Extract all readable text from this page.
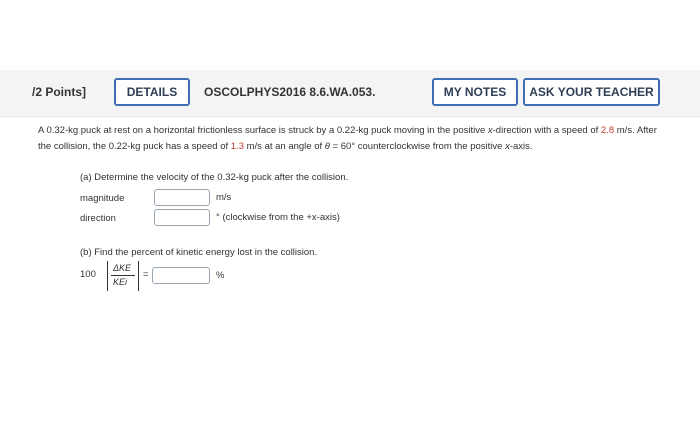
/2 Points]	DETAILS	OSCOLPHYS2016 8.6.WA.053.	MY NOTES	ASK YOUR TEACHER
A 0.32-kg puck at rest on a horizontal frictionless surface is struck by a 0.22-kg puck moving in the positive x-direction with a speed of 2.8 m/s. After the collision, the 0.22-kg puck has a speed of 1.3 m/s at an angle of θ = 60° counterclockwise from the positive x-axis.
(a) Determine the velocity of the 0.32-kg puck after the collision.
magnitude	m/s
direction	° (clockwise from the +x-axis)
(b) Find the percent of kinetic energy lost in the collision.
100
ΔKE
KEi
=	%
